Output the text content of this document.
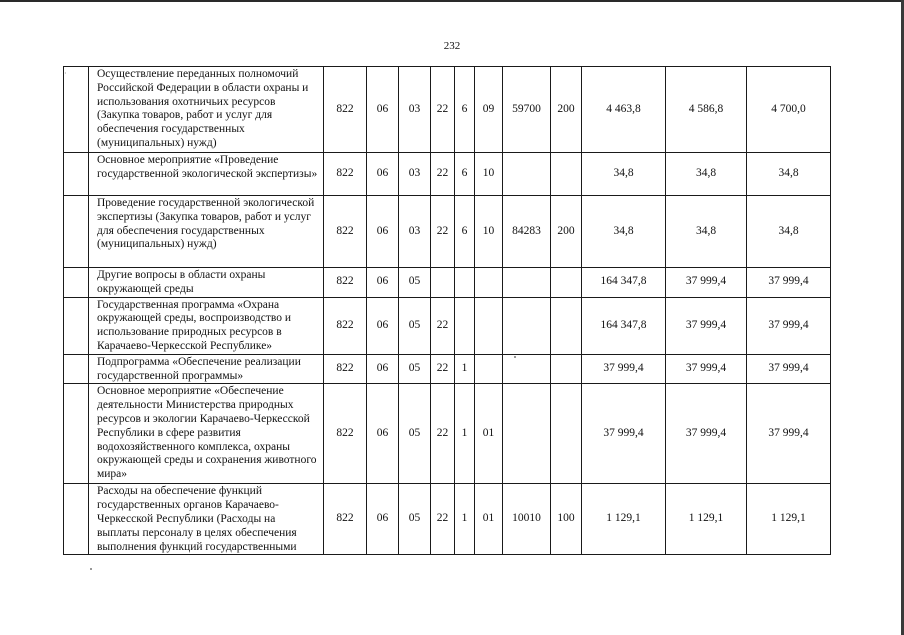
232
·	Осуществление переданных полномочий Российской Федерации в области охраны и использования охотничьих ресурсов (Закупка товаров, работ и услуг для обеспечения государственных (муниципальных) нужд)	822	06	03	22	6	09	59700	200	4 463,8	4 586,8	4 700,0
	Основное мероприятие «Проведение государственной экологической экспертизы»	822	06	03	22	6	10			34,8	34,8	34,8
	Проведение государственной экологической экспертизы (Закупка товаров, работ и услуг для обеспечения государственных (муниципальных) нужд)	822	06	03	22	6	10	84283	200	34,8	34,8	34,8
	Другие вопросы в области охраны окружающей среды	822	06	05						164 347,8	37 999,4	37 999,4
	Государственная программа «Охрана окружающей среды, воспроизводство и использование природных ресурсов в Карачаево-Черкесской Республике»	822	06	05	22					164 347,8	37 999,4	37 999,4
	Подпрограмма «Обеспечение реализации государственной программы»	822	06	05	22	1				37 999,4	37 999,4	37 999,4
	Основное мероприятие «Обеспечение деятельности Министерства природных ресурсов и экологии Карачаево-Черкесской Республики в сфере развития водохозяйственного комплекса, охраны окружающей среды и сохранения животного мира»	822	06	05	22	1	01			37 999,4	37 999,4	37 999,4
	Расходы на обеспечение функций государственных органов Карачаево-Черкесской Республики (Расходы на выплаты персоналу в целях обеспечения выполнения функций государственными	822	06	05	22	1	01	10010	100	1 129,1	1 129,1	1 129,1
